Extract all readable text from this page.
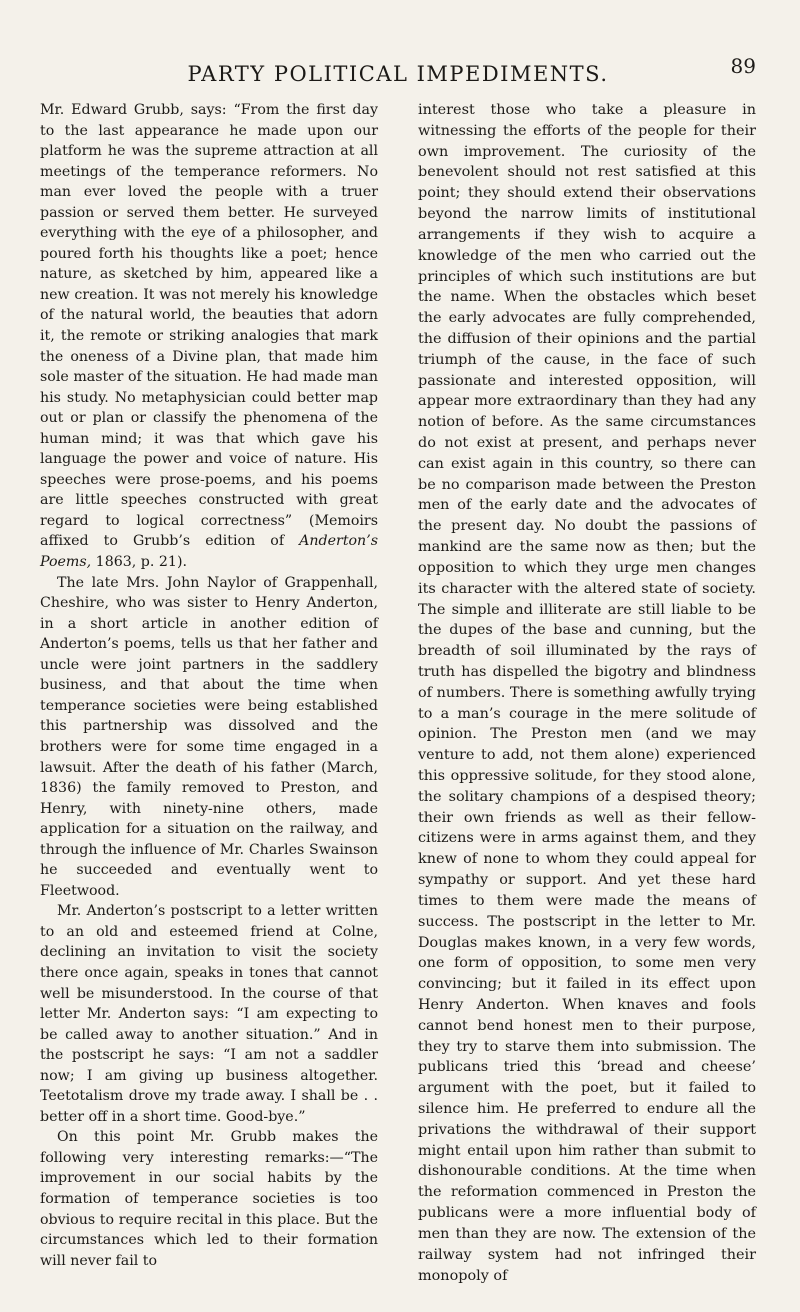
PARTY POLITICAL IMPEDIMENTS.	89

Mr. Edward Grubb, says: “From the first day to the last appearance he made upon our platform he was the supreme attraction at all meetings of the temperance reformers. No man ever loved the people with a truer passion or served them better. He surveyed everything with the eye of a philosopher, and poured forth his thoughts like a poet; hence nature, as sketched by him, appeared like a new creation. It was not merely his knowledge of the natural world, the beauties that adorn it, the remote or striking analogies that mark the oneness of a Divine plan, that made him sole master of the situation. He had made man his study. No metaphysician could better map out or plan or classify the phenomena of the human mind; it was that which gave his language the power and voice of nature. His speeches were prose-poems, and his poems are little speeches constructed with great regard to logical correctness” (Memoirs affixed to Grubb’s edition of Anderton’s Poems, 1863, p. 21).

The late Mrs. John Naylor of Grappenhall, Cheshire, who was sister to Henry Anderton, in a short article in another edition of Anderton’s poems, tells us that her father and uncle were joint partners in the saddlery business, and that about the time when temperance societies were being established this partnership was dissolved and the brothers were for some time engaged in a lawsuit. After the death of his father (March, 1836) the family removed to Preston, and Henry, with ninety-nine others, made application for a situation on the railway, and through the influence of Mr. Charles Swainson he succeeded and eventually went to Fleetwood.

Mr. Anderton’s postscript to a letter written to an old and esteemed friend at Colne, declining an invitation to visit the society there once again, speaks in tones that cannot well be misunderstood. In the course of that letter Mr. Anderton says: “I am expecting to be called away to another situation.” And in the postscript he says: “I am not a saddler now; I am giving up business altogether. Teetotalism drove my trade away. I shall be . . better off in a short time. Good-bye.”

On this point Mr. Grubb makes the following very interesting remarks:—“The improvement in our social habits by the formation of temperance societies is too obvious to require recital in this place. But the circumstances which led to their formation will never fail to

interest those who take a pleasure in witnessing the efforts of the people for their own improvement. The curiosity of the benevolent should not rest satisfied at this point; they should extend their observations beyond the narrow limits of institutional arrangements if they wish to acquire a knowledge of the men who carried out the principles of which such institutions are but the name. When the obstacles which beset the early advocates are fully comprehended, the diffusion of their opinions and the partial triumph of the cause, in the face of such passionate and interested opposition, will appear more extraordinary than they had any notion of before. As the same circumstances do not exist at present, and perhaps never can exist again in this country, so there can be no comparison made between the Preston men of the early date and the advocates of the present day. No doubt the passions of mankind are the same now as then; but the opposition to which they urge men changes its character with the altered state of society. The simple and illiterate are still liable to be the dupes of the base and cunning, but the breadth of soil illuminated by the rays of truth has dispelled the bigotry and blindness of numbers. There is something awfully trying to a man’s courage in the mere solitude of opinion. The Preston men (and we may venture to add, not them alone) experienced this oppressive solitude, for they stood alone, the solitary champions of a despised theory; their own friends as well as their fellow-citizens were in arms against them, and they knew of none to whom they could appeal for sympathy or support. And yet these hard times to them were made the means of success. The postscript in the letter to Mr. Douglas makes known, in a very few words, one form of opposition, to some men very convincing; but it failed in its effect upon Henry Anderton. When knaves and fools cannot bend honest men to their purpose, they try to starve them into submission. The publicans tried this ‘bread and cheese’ argument with the poet, but it failed to silence him. He preferred to endure all the privations the withdrawal of their support might entail upon him rather than submit to dishonourable conditions. At the time when the reformation commenced in Preston the publicans were a more influential body of men than they are now. The extension of the railway system had not infringed their monopoly of
